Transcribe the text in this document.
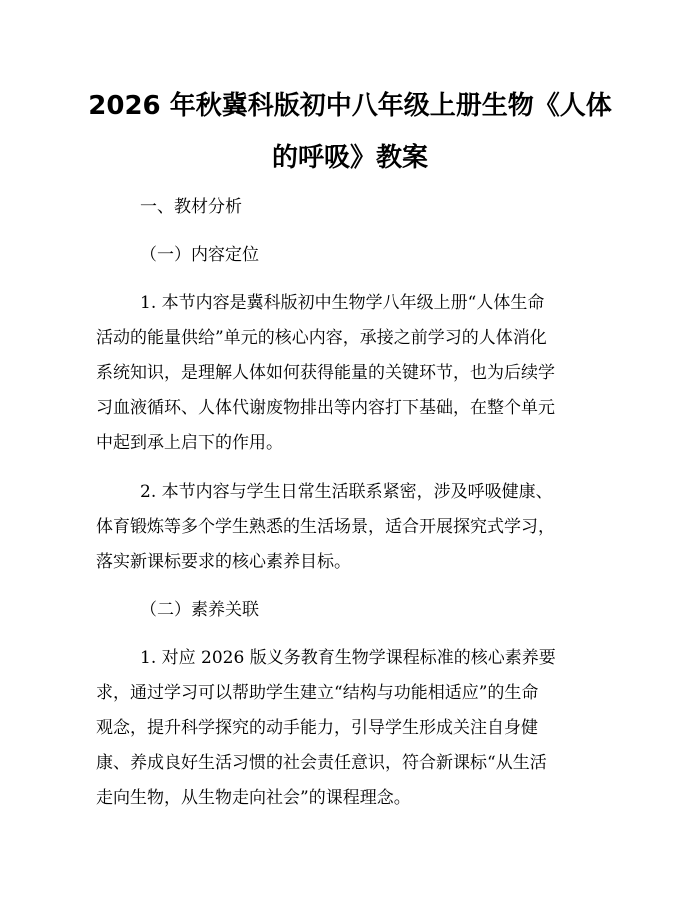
2026 年秋冀科版初中八年级上册生物《人体
的呼吸》教案

一、教材分析

（一）内容定位

1. 本节内容是冀科版初中生物学八年级上册“人体生命

活动的能量供给”单元的核心内容，承接之前学习的人体消化

系统知识，是理解人体如何获得能量的关键环节，也为后续学

习血液循环、人体代谢废物排出等内容打下基础，在整个单元

中起到承上启下的作用。

2. 本节内容与学生日常生活联系紧密，涉及呼吸健康、

体育锻炼等多个学生熟悉的生活场景，适合开展探究式学习，

落实新课标要求的核心素养目标。

（二）素养关联

1. 对应 2026 版义务教育生物学课程标准的核心素养要

求，通过学习可以帮助学生建立“结构与功能相适应”的生命

观念，提升科学探究的动手能力，引导学生形成关注自身健

康、养成良好生活习惯的社会责任意识，符合新课标“从生活

走向生物，从生物走向社会”的课程理念。
